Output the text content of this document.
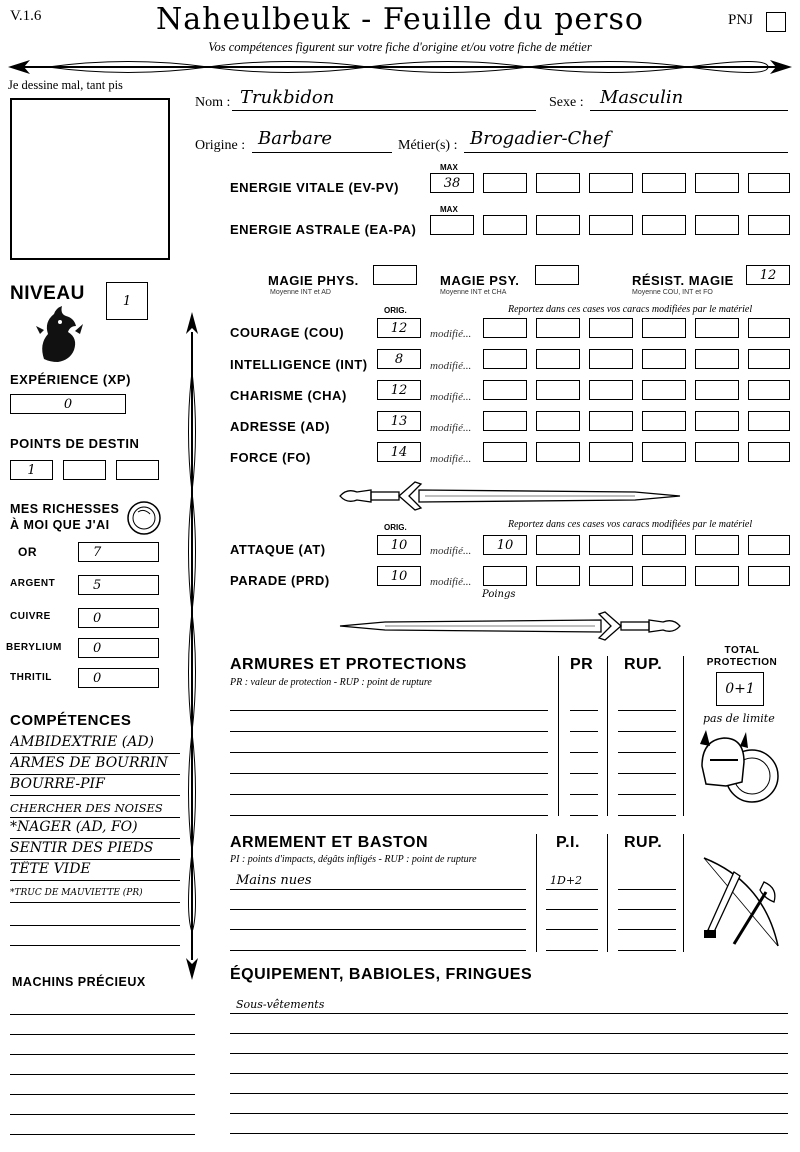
V.1.6	Naheulbeuk - Feuille du perso
Vos compétences figurent sur votre fiche d'origine et/ou votre fiche de métier
PNJ
Je dessine mal, tant pis
Nom : Trukbidon	Sexe : Masculin
Origine : Barbare	Métier(s) : Brogadier-Chef
MAX
ENERGIE VITALE (EV-PV)	38
MAX
ENERGIE ASTRALE (EA-PA)
MAGIE PHYS.
Moyenne INT et AD
MAGIE PSY.
Moyenne INT et CHA
RÉSIST. MAGIE
Moyenne COU, INT et FO
12
NIVEAU	1
EXPÉRIENCE (XP)
0
POINTS DE DESTIN
1
MES RICHESSES
À MOI QUE J'AI
OR	7
ARGENT	5
CUIVRE	0
BERYLIUM	0
THRITIL	0
COMPÉTENCES
AMBIDEXTRIE (AD)
ARMES DE BOURRIN
BOURRE-PIF
CHERCHER DES NOISES
*NAGER (AD, FO)
SENTIR DES PIEDS
TÊTE VIDE
*TRUC DE MAUVIETTE (PR)
MACHINS PRÉCIEUX
ORIG.	Reportez dans ces cases vos caracs modifiées par le matériel
COURAGE (COU)	12	modifié...
INTELLIGENCE (INT)	8	modifié...
CHARISME (CHA)	12	modifié...
ADRESSE (AD)	13	modifié...
FORCE (FO)	14	modifié...
ORIG.	Reportez dans ces cases vos caracs modifiées par le matériel
ATTAQUE (AT)	10	modifié...	10
PARADE (PRD)	10	modifié...
Poings
ARMURES ET PROTECTIONS
PR : valeur de protection - RUP : point de rupture
PR RUP.
TOTAL
PROTECTION
0+1
pas de limite
ARMEMENT ET BASTON
PI : points d'impacts, dégâts infligés - RUP : point de rupture
P.I.	RUP.
Mains nues	1D+2
ÉQUIPEMENT, BABIOLES, FRINGUES
Sous-vêtements
